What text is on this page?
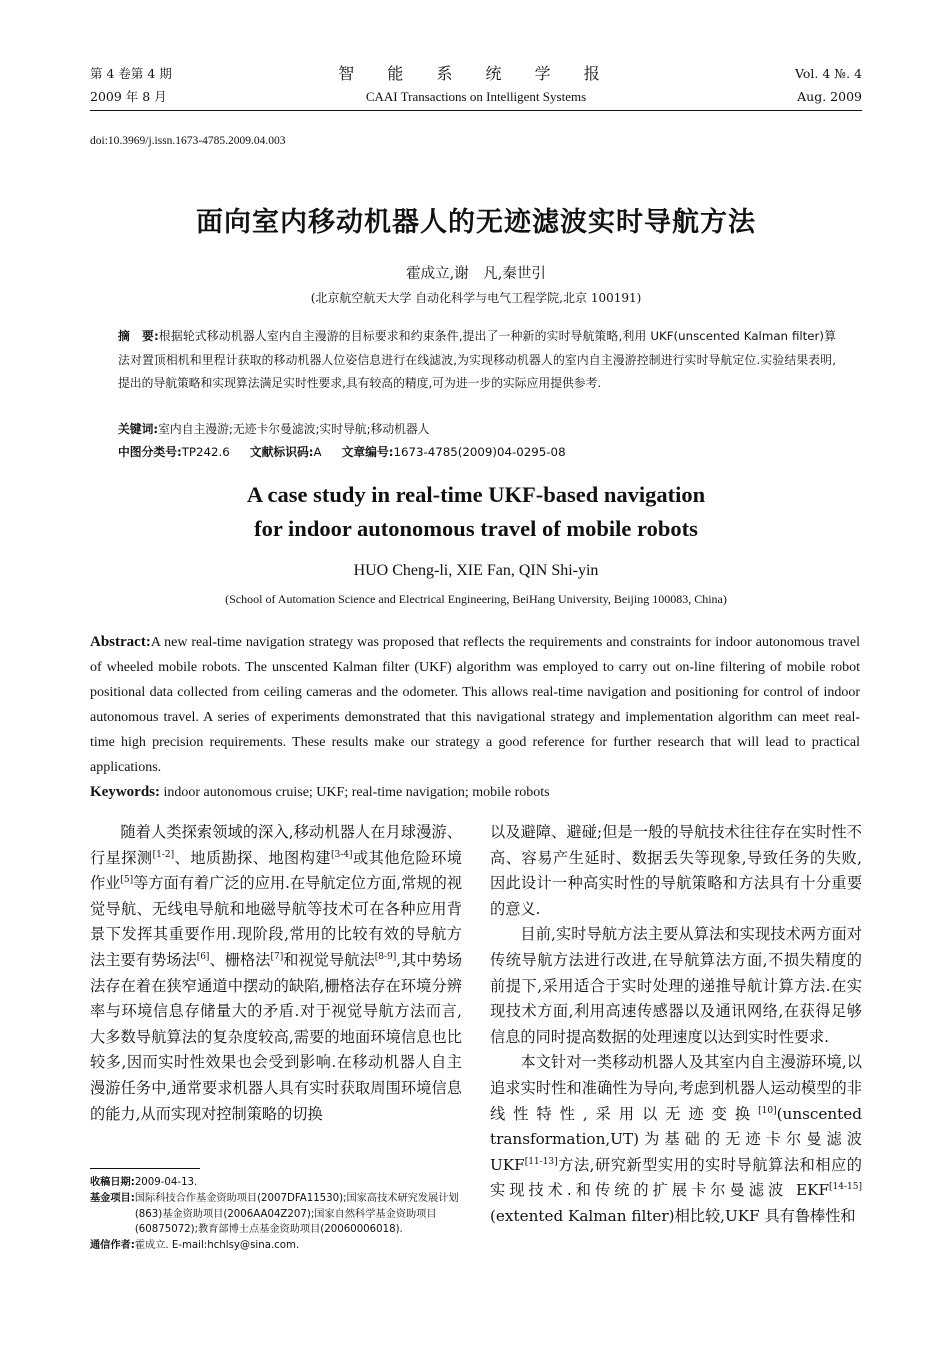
第 4 卷第 4 期
2009 年 8 月
智 能 系 统 学 报
CAAI Transactions on Intelligent Systems
Vol. 4 №. 4
Aug. 2009
doi:10.3969/j.issn.1673-4785.2009.04.003
面向室内移动机器人的无迹滤波实时导航方法
霍成立,谢　凡,秦世引
(北京航空航天大学 自动化科学与电气工程学院,北京 100191)
摘　要:根据轮式移动机器人室内自主漫游的目标要求和约束条件,提出了一种新的实时导航策略,利用 UKF(unscented Kalman filter)算法对置顶相机和里程计获取的移动机器人位姿信息进行在线滤波,为实现移动机器人的室内自主漫游控制进行实时导航定位.实验结果表明,提出的导航策略和实现算法满足实时性要求,具有较高的精度,可为进一步的实际应用提供参考.
关键词:室内自主漫游;无迹卡尔曼滤波;实时导航;移动机器人
中图分类号:TP242.6 文献标识码:A 文章编号:1673-4785(2009)04-0295-08
A case study in real-time UKF-based navigation
for indoor autonomous travel of mobile robots
HUO Cheng-li, XIE Fan, QIN Shi-yin
(School of Automation Science and Electrical Engineering, BeiHang University, Beijing 100083, China)
Abstract:A new real-time navigation strategy was proposed that reflects the requirements and constraints for indoor autonomous travel of wheeled mobile robots. The unscented Kalman filter (UKF) algorithm was employed to carry out on-line filtering of mobile robot positional data collected from ceiling cameras and the odometer. This allows real-time navigation and positioning for control of indoor autonomous travel. A series of experiments demonstrated that this navigational strategy and implementation algorithm can meet real-time high precision requirements. These results make our strategy a good reference for further research that will lead to practical applications.
Keywords: indoor autonomous cruise; UKF; real-time navigation; mobile robots

随着人类探索领域的深入,移动机器人在月球漫游、行星探测[1-2]、地质勘探、地图构建[3-4]或其他危险环境作业[5]等方面有着广泛的应用.在导航定位方面,常规的视觉导航、无线电导航和地磁导航等技术可在各种应用背景下发挥其重要作用.现阶段,常用的比较有效的导航方法主要有势场法[6]、栅格法[7]和视觉导航法[8-9],其中势场法存在着在狭窄通道中摆动的缺陷,栅格法存在环境分辨率与环境信息存储量大的矛盾.对于视觉导航方法而言,大多数导航算法的复杂度较高,需要的地面环境信息也比较多,因而实时性效果也会受到影响.在移动机器人自主漫游任务中,通常要求机器人具有实时获取周围环境信息的能力,从而实现对控制策略的切换

以及避障、避碰;但是一般的导航技术往往存在实时性不高、容易产生延时、数据丢失等现象,导致任务的失败,因此设计一种高实时性的导航策略和方法具有十分重要的意义.

目前,实时导航方法主要从算法和实现技术两方面对传统导航方法进行改进,在导航算法方面,不损失精度的前提下,采用适合于实时处理的递推导航计算方法.在实现技术方面,利用高速传感器以及通讯网络,在获得足够信息的同时提高数据的处理速度以达到实时性要求.

本文针对一类移动机器人及其室内自主漫游环境,以追求实时性和准确性为导向,考虑到机器人运动模型的非线性特性,采用以无迹变换[10](unscented transformation,UT)为基础的无迹卡尔曼滤波 UKF[11-13]方法,研究新型实用的实时导航算法和相应的实现技术.和传统的扩展卡尔曼滤波 EKF[14-15](extented Kalman filter)相比较,UKF 具有鲁棒性和

收稿日期: 2009-04-13.
基金项目: 国际科技合作基金资助项目(2007DFA11530);国家高技术研究发展计划(863)基金资助项目(2006AA04Z207);国家自然科学基金资助项目(60875072);教育部博士点基金资助项目(20060006018).
通信作者: 霍成立. E-mail:hchlsy@sina.com.
